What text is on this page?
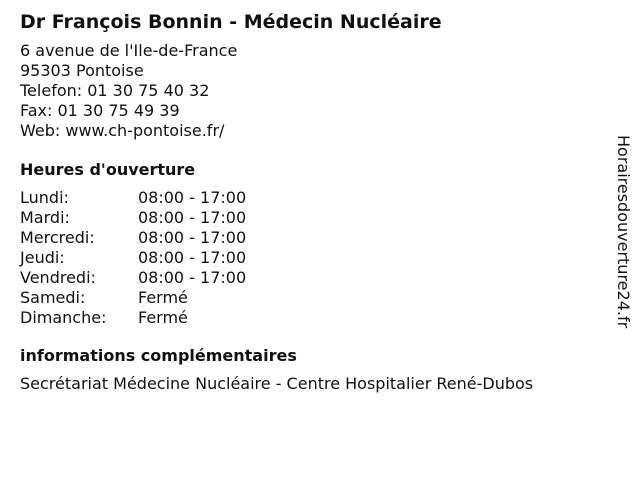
Dr François Bonnin - Médecin Nucléaire
6 avenue de l'Ile-de-France
95303 Pontoise
Telefon: 01 30 75 40 32
Fax: 01 30 75 49 39
Web: www.ch-pontoise.fr/
Heures d'ouverture
Lundi:	08:00 - 17:00
Mardi:	08:00 - 17:00
Mercredi:	08:00 - 17:00
Jeudi:	08:00 - 17:00
Vendredi:	08:00 - 17:00
Samedi:	Fermé
Dimanche:	Fermé
informations complémentaires
Secrétariat Médecine Nucléaire - Centre Hospitalier René-Dubos
Horairesdouverture24.fr
